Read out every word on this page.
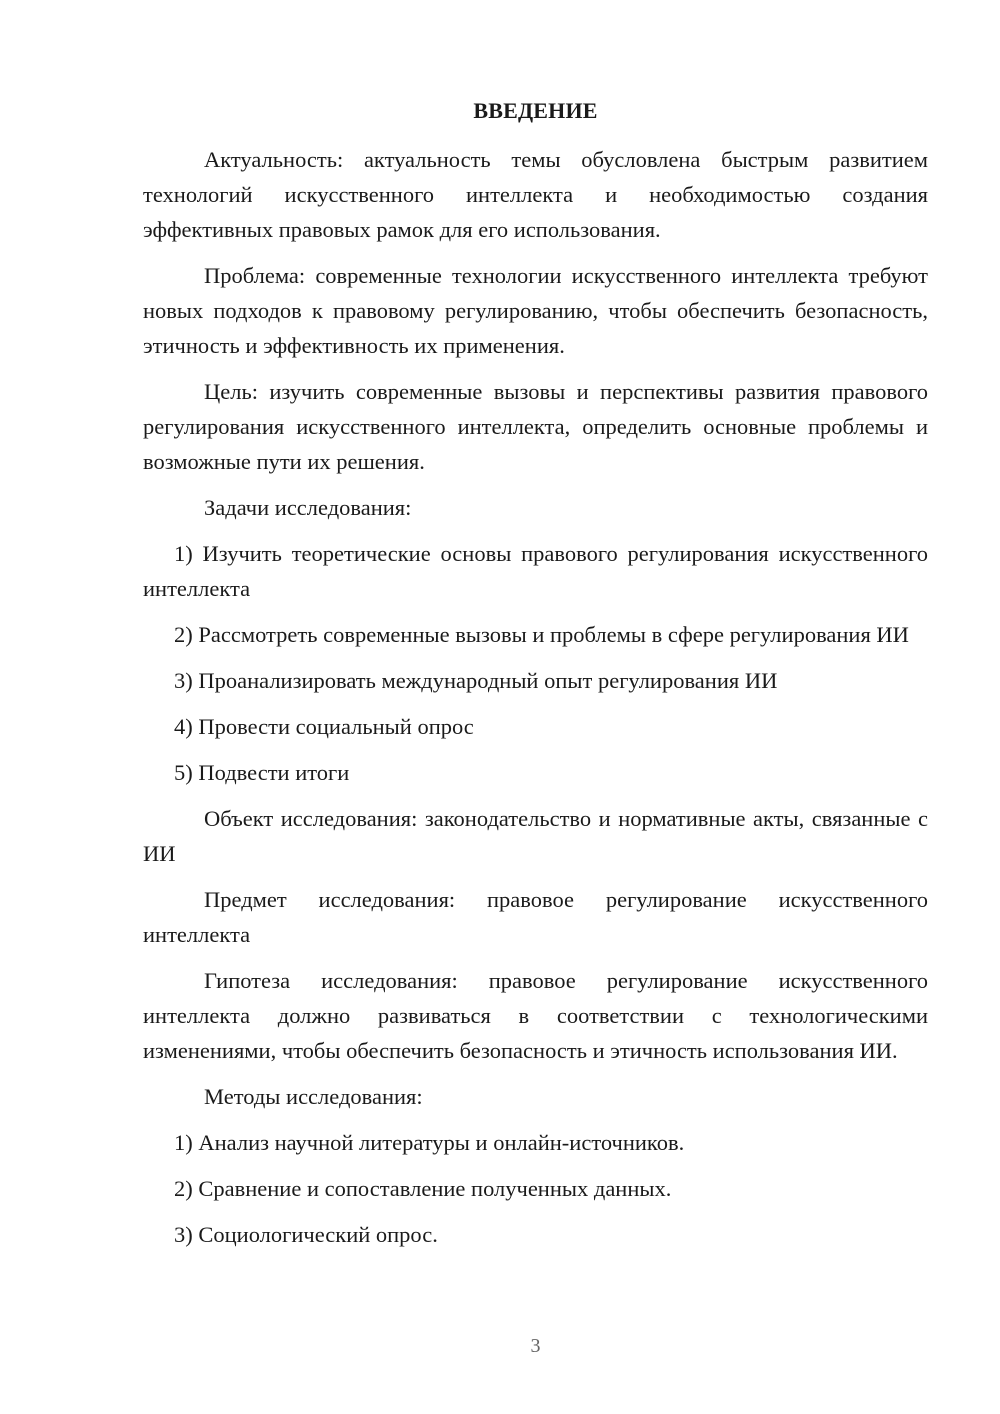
ВВЕДЕНИЕ

Актуальность: актуальность темы обусловлена быстрым развитием технологий искусственного интеллекта и необходимостью создания эффективных правовых рамок для его использования.

Проблема: современные технологии искусственного интеллекта требуют новых подходов к правовому регулированию, чтобы обеспечить безопасность, этичность и эффективность их применения.

Цель: изучить современные вызовы и перспективы развития правового регулирования искусственного интеллекта, определить основные проблемы и возможные пути их решения.

Задачи исследования:

1) Изучить теоретические основы правового регулирования искусственного интеллекта

2) Рассмотреть современные вызовы и проблемы в сфере регулирования ИИ

3) Проанализировать международный опыт регулирования ИИ

4) Провести социальный опрос

5) Подвести итоги

Объект исследования: законодательство и нормативные акты, связанные с ИИ

Предмет исследования: правовое регулирование искусственного интеллекта

Гипотеза исследования: правовое регулирование искусственного интеллекта должно развиваться в соответствии с технологическими изменениями, чтобы обеспечить безопасность и этичность использования ИИ.

Методы исследования:

1) Анализ научной литературы и онлайн-источников.

2) Сравнение и сопоставление полученных данных.

3) Социологический опрос.

3
